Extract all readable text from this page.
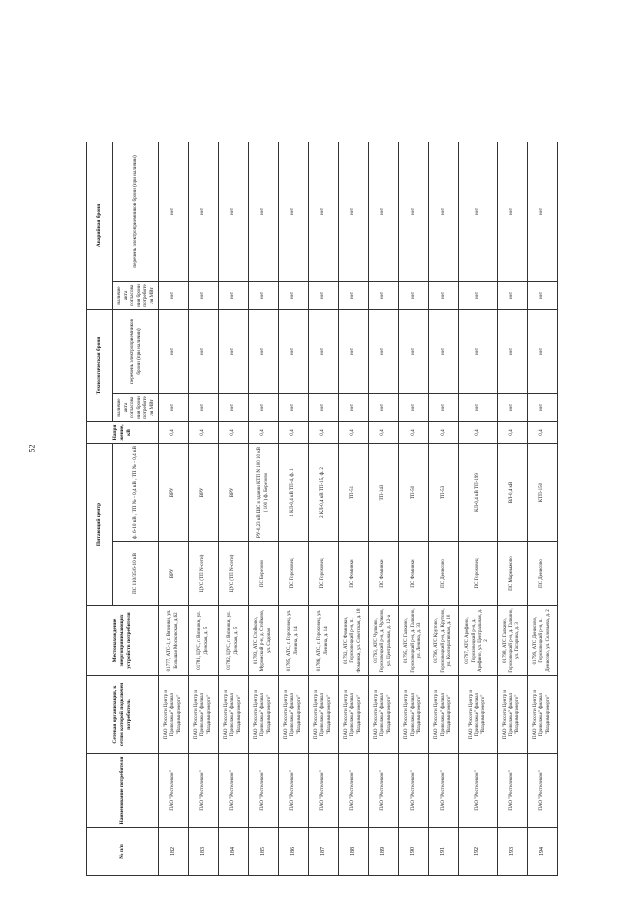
52
№ п/п	Наименование потребителя	Сетевая организация, к сетям которой подключен потребитель	Местонахождение энергопринимающих устройств потребителя	Питающий центр		Напряжение, кВ	Технологическая броня		Аварийная броня	
				ПС 110/35/6-10 кВ	ф. 6-10 кВ , ТП № - 0,4 кВ , ТП № - 0,4 кВ		наличие акта согласования брони потребителя МВт	перечень электроприемников брони (при наличии)	наличие акта согласования брони потребителя МВт	перечень электроприемников брони (при наличии)
182	ПАО "Ростелеком"	ПАО "Россети Центр и Приволжье" филиал "Владимирэнерго"	01777, АТС-1, г. Вязники, ул. Большая Московская, д.62	ВРУ	ВРУ	0,4	нет	нет	нет	нет
183	ПАО "Ростелеком"	ПАО "Россети Центр и Приволжье" филиал "Владимирэнерго"	01781, ЦУС, г. Вязники, ул. Донская, д. 5	ЦУС (ТП N-сети)	ВРУ	0,4	нет	нет	нет	нет
184	ПАО "Ростелеком"	ПАО "Россети Центр и Приволжье" филиал "Владимирэнерго"	01782, ЦУС, г. Вязники, ул. Донская, д. 5	ЦУС (ТП N-сети)	ВРУ	0,4	нет	нет	нет	нет
185	ПАО "Ростелеком"	ПАО "Россети Центр и Приволжье" филиал "Владимирэнерго"	01783, АТС Стойково, Муромский р-н, д. Стойково, ул. Садовая	ПС Березово	РУ-0,23 кВ ШС в здании КТП N 100 10 кВ ( 100 ) ф. Березово	0,4	нет	нет	нет	нет
186	ПАО "Ростелеком"	ПАО "Россети Центр и Приволжье" филиал "Владимирэнерго"	01785, АТС, г. Гороховец, ул. Ленина, д. 14	ПС Гороховец	1 КЛ-0,4 кВ ТП-4, ф. 1	0,4	нет	нет	нет	нет
187	ПАО "Ростелеком"	ПАО "Россети Центр и Приволжье" филиал "Владимирэнерго"	01786, АТС, г. Гороховец, ул. Ленина, д. 14	ПС Гороховец	2 КЛ-0,4 кВ ТП-15, ф. 2	0,4	нет	нет	нет	нет
188	ПАО "Ростелеком"	ПАО "Россети Центр и Приволжье" филиал "Владимирэнерго"	01792, АТС Фоминки, Гороховецкий р-н, п. Фоминки, ул. Советская, д. 18	ПС Фоминки	ТП-51	0,4	нет	нет	нет	нет
189	ПАО "Ростелеком"	ПАО "Россети Центр и Приволжье" филиал "Владимирэнерго"	01793, АТС Чулково, Гороховецкий р-н, д. Чулково, ул. Центральная, д. 12-а	ПС Фоминки	ТП-143	0,4	нет	нет	нет	нет
190	ПАО "Ростелеком"	ПАО "Россети Центр и Приволжье" филиал "Владимирэнерго"	01795, АТС Галкино, Гороховецкий р-н, д. Галкино, ул. Ленина, д. 33	ПС Фоминки	ТП-50	0,4	нет	нет	нет	нет
191	ПАО "Ростелеком"	ПАО "Россети Центр и Приволжье" филиал "Владимирэнерго"	01796, АТС Крутово, Гороховецкий р-н, д. Крутово, ул. Кооперативная, д. 10	ПС Денисово	ТП-53	0,4	нет	нет	нет	нет
192	ПАО "Ростелеком"	ПАО "Россети Центр и Приволжье" филиал "Владимирэнерго"	01797, АТС Арефино, Гороховецкий р-н, д. Арефино, ул. Центральная, д. 2	ПС Гороховец	КЛ-0,4 кВ ТП-199	0,4	нет	нет	нет	нет
193	ПАО "Ростелеком"	ПАО "Россети Центр и Приволжье" филиал "Владимирэнерго"	01798, АТС Галкино, Гороховецкий р-н, д. Галкино, ул. Гагарина, д. 3	ПС Мармыжово	ВЛ-0,4 кВ	0,4	нет	нет	нет	нет
194	ПАО "Ростелеком"	ПАО "Россети Центр и Приволжье" филиал "Владимирэнерго"	01799, АТС Денисово, Гороховецкий р-н, п. Денисово, ул. Соловьева, д. 2	ПС Денисово	КТП-150	0,4	нет	нет	нет	нет
